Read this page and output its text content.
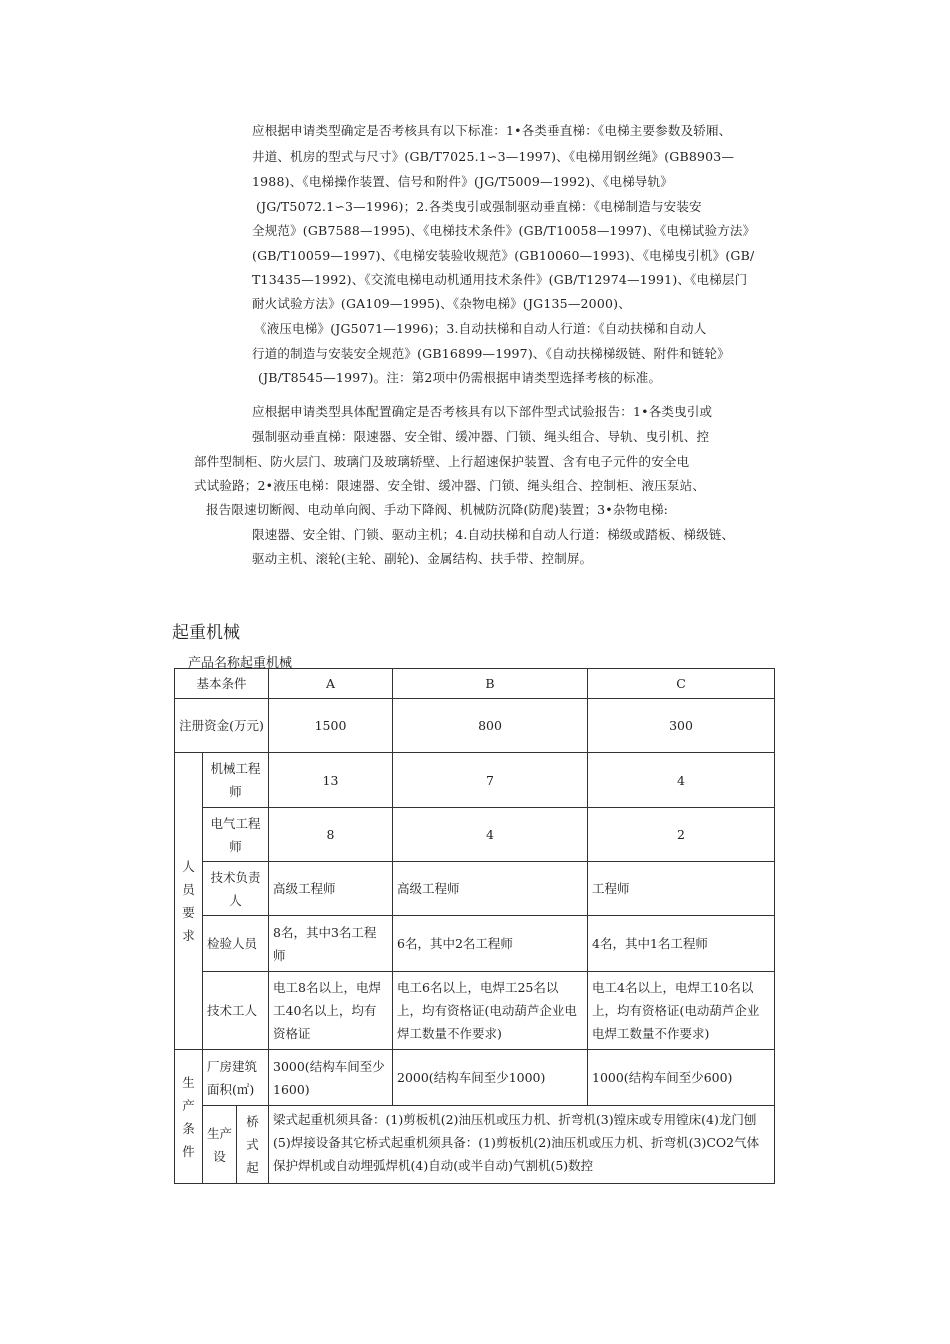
应根据申请类型确定是否考核具有以下标准：1•各类垂直梯：《电梯主要参数及轿厢、
井道、机房的型式与尺寸》(GB/T7025.1∽3—1997)、《电梯用钢丝绳》(GB8903—
1988)、《电梯操作装置、信号和附件》(JG/T5009—1992)、《电梯导轨》
(JG/T5072.1∽3—1996)；2.各类曳引或强制驱动垂直梯：《电梯制造与安装安
全规范》(GB7588—1995)、《电梯技术条件》(GB/T10058—1997)、《电梯试验方法》
(GB/T10059—1997)、《电梯安装验收规范》(GB10060—1993)、《电梯曳引机》(GB/
T13435—1992)、《交流电梯电动机通用技术条件》(GB/T12974—1991)、《电梯层门
耐火试验方法》(GA109—1995)、《杂物电梯》(JG135—2000)、
《液压电梯》(JG5071—1996)；3.自动扶梯和自动人行道：《自动扶梯和自动人
行道的制造与安装安全规范》(GB16899—1997)、《自动扶梯梯级链、附件和链轮》
(JB/T8545—1997)。注：第2项中仍需根据申请类型选择考核的标准。
应根据申请类型具体配置确定是否考核具有以下部件型式试验报告：1•各类曳引或
强制驱动垂直梯：限速器、安全钳、缓冲器、门锁、绳头组合、导轨、曳引机、控
部件型制柜、防火层门、玻璃门及玻璃轿壁、上行超速保护装置、含有电子元件的安全电
式试验路；2•液压电梯：限速器、安全钳、缓冲器、门锁、绳头组合、控制柜、液压泵站、
报告限速切断阀、电动单向阀、手动下降阀、机械防沉降(防爬)装置；3•杂物电梯:
限速器、安全钳、门锁、驱动主机；4.自动扶梯和自动人行道：梯级或踏板、梯级链、
驱动主机、滚轮(主轮、副轮)、金属结构、扶手带、控制屏。
起重机械
产品名称起重机械
基本条件			A	B	C
注册资金(万元)			1500	800	300
人员要求	机械工程师		13	7	4
	电气工程师		8	4	2
	技术负责人		高级工程师	高级工程师	工程师
	检验人员		8名，其中3名工程师	6名，其中2名工程师	4名，其中1名工程师
	技术工人		电工8名以上，电焊工40名以上，均有资格证	电工6名以上，电焊工25名以上，均有资格证(电动葫芦企业电焊工数量不作要求)	电工4名以上，电焊工10名以上，均有资格证(电动葫芦企业电焊工数量不作要求)
生产条件	厂房建筑面积(㎡)		3000(结构车间至少1600)	2000(结构车间至少1000)	1000(结构车间至少600)
	生产设	桥式起	梁式起重机须具备：(1)剪板机(2)油压机或压力机、折弯机(3)镗床或专用镗床(4)龙门刨(5)焊接设备其它桥式起重机须具备：(1)剪板机(2)油压机或压力机、折弯机(3)CO2气体保护焊机或自动埋弧焊机(4)自动(或半自动)气割机(5)数控		
